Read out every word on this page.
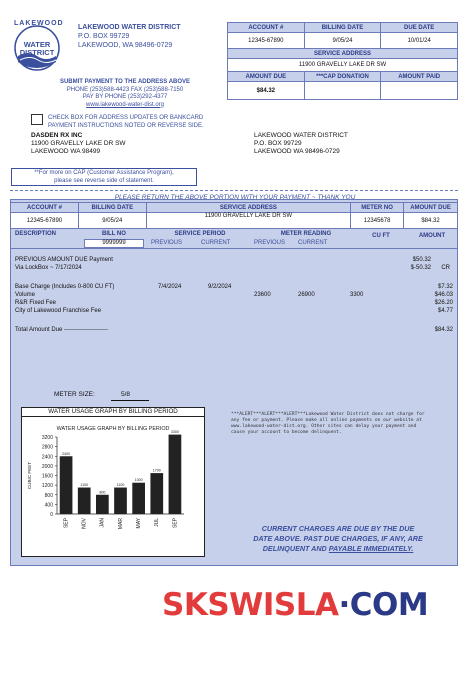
LAKEWOOD
WATER
DISTRICT
LAKEWOOD WATER DISTRICT
P.O. BOX 99729
LAKEWOOD, WA 98496-0729
SUBMIT PAYMENT TO THE ADDRESS ABOVE
PHONE (253)588-4423 FAX (253)588-7150
PAY BY PHONE (253)292-4377
www.lakewood-water-dist.org
ACCOUNT #	BILLING DATE	DUE DATE
12345-67890	9/05/24	10/01/24
SERVICE ADDRESS		
11900 GRAVELLY LAKE DR SW		
AMOUNT DUE	***CAP DONATION	AMOUNT PAID
$84.32		
CHECK BOX FOR ADDRESS UPDATES OR BANKCARD
PAYMENT INSTRUCTIONS NOTED OR REVERSE SIDE.
DASDEN RX INC
11900 GRAVELLY LAKE DR SW
LAKEWOOD WA 98499
LAKEWOOD WATER DISTRICT
P.O. BOX 99729
LAKEWOOD WA 98496-0729
**For more on CAP (Customer Assistance Program),
please see reverse side of statement.
PLEASE RETURN THE ABOVE PORTION WITH YOUR PAYMENT ~ THANK YOU
ACCOUNT #	BILLING DATE	SERVICE ADDRESS	METER NO	AMOUNT DUE
12345-67890	9/05/24	11900 GRAVELLY LAKE DR SW	12345678	$84.32
DESCRIPTION	BILL NO
9999999
SERVICE PERIOD
PREVIOUS	CURRENT
METER READING
PREVIOUS CURRENT
CU FT	AMOUNT
PREVIOUS AMOUNT DUE Payment	$50.32
Via LockBox ~ 7/17/2024	$-50.32 CR
Base Charge (Includes 0-800 CU FT)	7/4/2024	9/2/2024	$7.32
Volume	23600	26900	3300	$46.03
R&R Fixed Fee	$26.20
City of Lakewood Franchise Fee	$4.77
Total Amount Due ----------------------	$84.32
METER SIZE:	5/8
***ALERT***ALERT***ALERT***Lakewood Water District does not charge for any fee or payment. Please make all online payments on our website at www.lakewood-water-dist.org. Other sites can delay your payment and cause your account to become delinquent.
CURRENT CHARGES ARE DUE BY THE DUE
DATE ABOVE. PAST DUE CHARGES, IF ANY, ARE
DELINQUENT AND PAYABLE IMMEDIATELY.
WATER USAGE GRAPH BY BILLING PERIOD
WATER USAGE GRAPH BY BILLING PERIOD
0
400
800
1200
1600
2000
2400
2800
3200
CUBIC FEET
2400
SEP
1100
NOV
800
JAN
1100
MAR
1300
MAY
1700
JUL
3300
SEP
SKSWISLA·COM
